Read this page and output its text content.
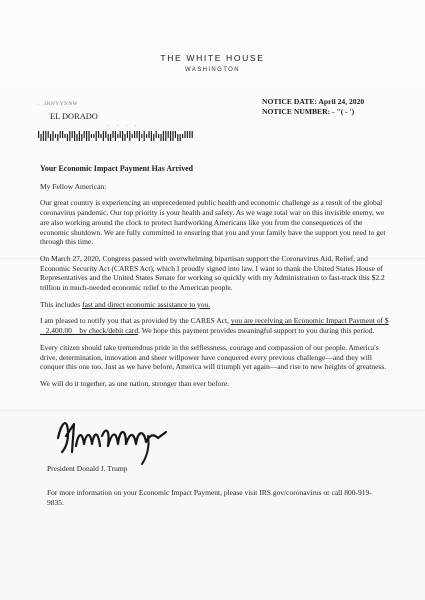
THE WHITE HOUSE
WASHINGTON
. .3RNYYNNW
EL DORADO
. . . .
NOTICE DATE: April 24, 2020
NOTICE NUMBER: - "( - ')
Your Economic Impact Payment Has Arrived

My Fellow American:

Our great country is experiencing an unprecedented public health and economic challenge as a result of the global coronavirus pandemic. Our top priority is your health and safety. As we wage total war on this invisible enemy, we are also working around the clock to protect hardworking Americans like you from the consequences of the economic shutdown. We are fully committed to ensuring that you and your family have the support you need to get through this time.

On March 27, 2020, Congress passed with overwhelming bipartisan support the Coronavirus Aid, Relief, and Economic Security Act (CARES Act), which I proudly signed into law. I want to thank the United States House of Representatives and the United States Senate for working so quickly with my Administration to fast-track this $2.2 trillion in much-needed economic relief to the American people.

This includes fast and direct economic assistance to you.

I am pleased to notify you that as provided by the CARES Act, you are receiving an Economic Impact Payment of $   2,400.00    by check/debit card. We hope this payment provides meaningful support to you during this period.

Every citizen should take tremendous pride in the selflessness, courage and compassion of our people. America's drive, determination, innovation and sheer willpower have conquered every previous challenge—and they will conquer this one too. Just as we have before, America will triumph yet again—and rise to new heights of greatness.

We will do it together, as one nation, stronger than ever before.

President Donald J. Trump

For more information on your Economic Impact Payment, please visit IRS.gov/coronavirus or call 800-919-9835.
